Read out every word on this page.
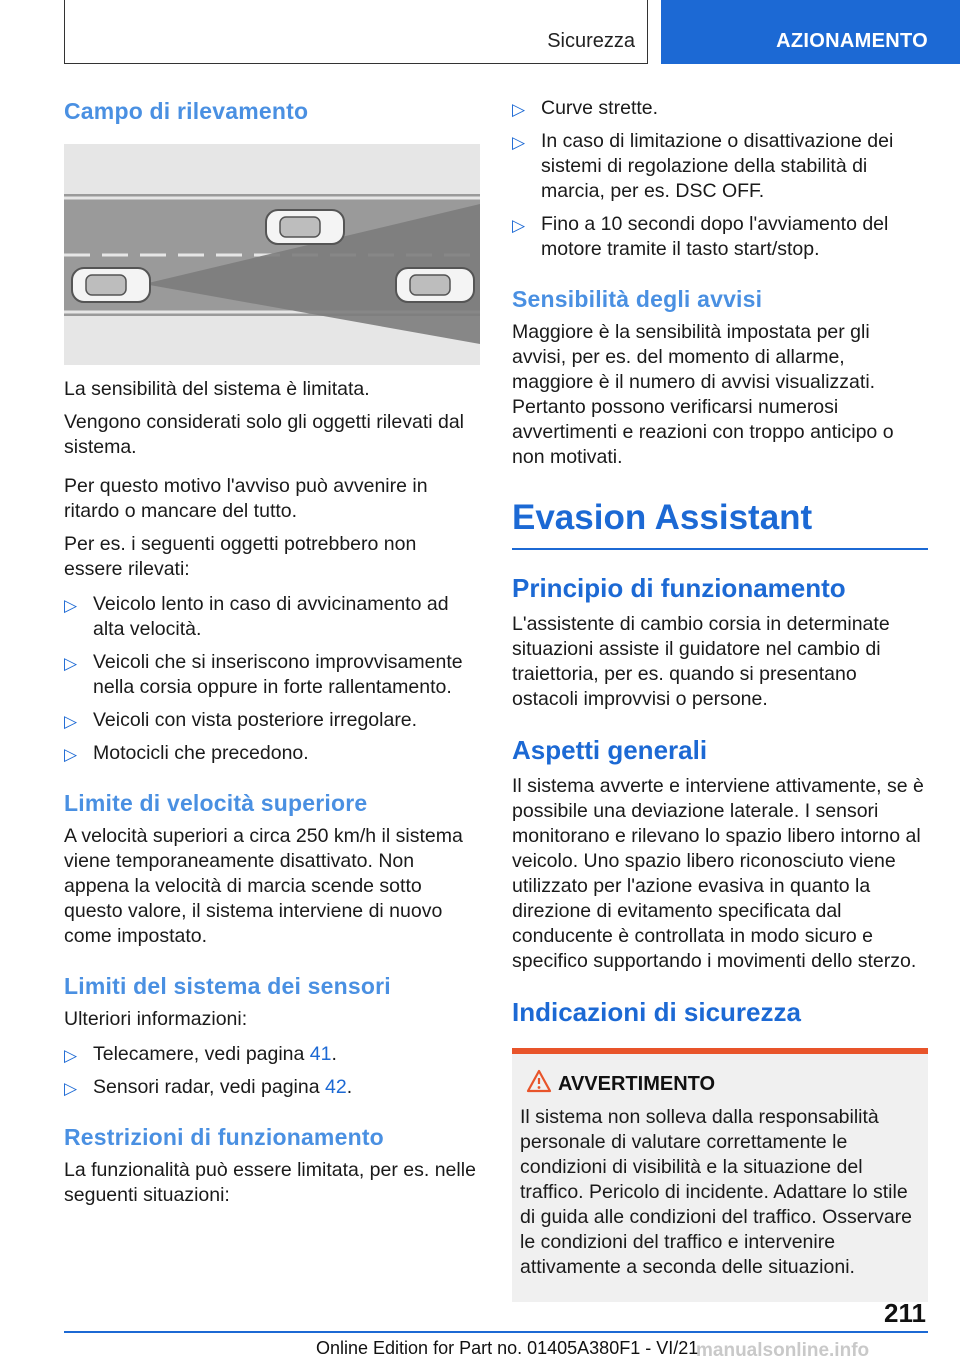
Sicurezza	AZIONAMENTO
Campo di rilevamento

La sensibilità del sistema è limitata.

Vengono considerati solo gli oggetti rilevati dal sistema.

Per questo motivo l'avviso può avvenire in ritardo o mancare del tutto.

Per es. i seguenti oggetti potrebbero non essere rilevati:

▷ Veicolo lento in caso di avvicinamento ad alta velocità.
▷ Veicoli che si inseriscono improvvisamente nella corsia oppure in forte rallentamento.
▷ Veicoli con vista posteriore irregolare.
▷ Motocicli che precedono.
Limite di velocità superiore

A velocità superiori a circa 250 km/h il sistema viene temporaneamente disattivato. Non appena la velocità di marcia scende sotto questo valore, il sistema interviene di nuovo come impostato.

Limiti del sistema dei sensori

Ulteriori informazioni:

▷ Telecamere, vedi pagina 41.
▷ Sensori radar, vedi pagina 42.
Restrizioni di funzionamento

La funzionalità può essere limitata, per es. nelle seguenti situazioni:

▷ Curve strette.
▷ In caso di limitazione o disattivazione dei sistemi di regolazione della stabilità di marcia, per es. DSC OFF.
▷ Fino a 10 secondi dopo l'avviamento del motore tramite il tasto start/stop.
Sensibilità degli avvisi

Maggiore è la sensibilità impostata per gli avvisi, per es. del momento di allarme, maggiore è il numero di avvisi visualizzati. Pertanto possono verificarsi numerosi avvertimenti e reazioni con troppo anticipo o non motivati.

Evasion Assistant
Principio di funzionamento

L'assistente di cambio corsia in determinate situazioni assiste il guidatore nel cambio di traiettoria, per es. quando si presentano ostacoli improvvisi o persone.

Aspetti generali

Il sistema avverte e interviene attivamente, se è possibile una deviazione laterale. I sensori monitorano e rilevano lo spazio libero intorno al veicolo. Uno spazio libero riconosciuto viene utilizzato per l'azione evasiva in quanto la direzione di evitamento specificata dal conducente è controllata in modo sicuro e specifico supportando i movimenti dello sterzo.

Indicazioni di sicurezza
AVVERTIMENTO

Il sistema non solleva dalla responsabilità personale di valutare correttamente le condizioni di visibilità e la situazione del traffico. Pericolo di incidente. Adattare lo stile di guida alle condizioni del traffico. Osservare le condizioni del traffico e intervenire attivamente a seconda delle situazioni.

211
Online Edition for Part no. 01405A380F1 - VI/21
manualsonline.info
